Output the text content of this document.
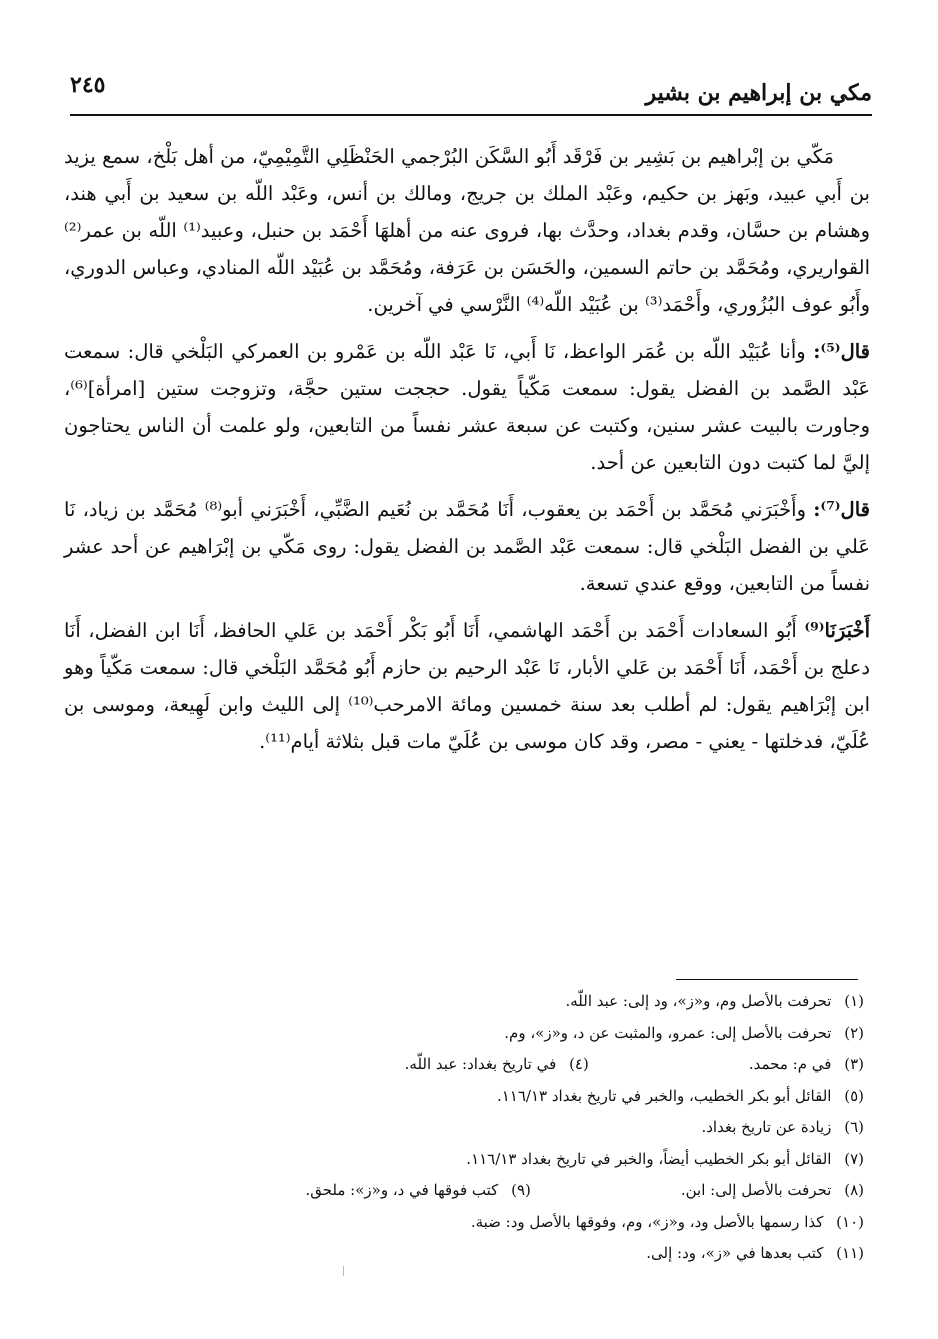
مكي بن إبراهيم بن بشير
٢٤٥

مَكّي بن إبْراهيم بن بَشِير بن فَرْقَد أَبُو السَّكَن البُرْجمي الحَنْظَلِي التَّمِيْمِيّ، من أهل بَلْخ، سمع يزيد بن أَبي عبيد، وبَهز بن حكيم، وعَبْد الملك بن جريج، ومالك بن أنس، وعَبْد اللّه بن سعيد بن أَبي هند، وهشام بن حسَّان، وقدم بغداد، وحدَّث بها، فروى عنه من أهلهَا أَحْمَد بن حنبل، وعبيد⁽¹⁾ اللّه بن عمر⁽²⁾ القواريري، ومُحَمَّد بن حاتم السمين، والحَسَن بن عَرَفة، ومُحَمَّد بن عُبَيْد اللّه المنادي، وعباس الدوري، وأَبُو عوف البُزُوري، وأَحْمَد⁽³⁾ بن عُبَيْد اللّه⁽⁴⁾ النَّرْسي في آخرين.

قال⁽⁵⁾: وأنا عُبَيْد اللّه بن عُمَر الواعظ، نَا أَبي، نَا عَبْد اللّه بن عَمْرو بن العمركي البَلْخي قال: سمعت عَبْد الصَّمد بن الفضل يقول: سمعت مَكّياً يقول. حججت ستين حجَّة، وتزوجت ستين [امرأة]⁽⁶⁾، وجاورت بالبيت عشر سنين، وكتبت عن سبعة عشر نفساً من التابعين، ولو علمت أن الناس يحتاجون إليَّ لما كتبت دون التابعين عن أحد.

قال⁽⁷⁾: وأَخْبَرَني مُحَمَّد بن أَحْمَد بن يعقوب، أَنَا مُحَمَّد بن نُعَيم الضَّبِّي، أَخْبَرَني أبو⁽⁸⁾ مُحَمَّد بن زياد، نَا عَلي بن الفضل البَلْخي قال: سمعت عَبْد الصَّمد بن الفضل يقول: روى مَكّي بن إبْرَاهيم عن أحد عشر نفساً من التابعين، ووقع عندي تسعة.

أَخْبَرَنَا⁽⁹⁾ أَبُو السعادات أَحْمَد بن أَحْمَد الهاشمي، أَنَا أَبُو بَكْر أَحْمَد بن عَلي الحافظ، أَنَا ابن الفضل، أَنَا دعلج بن أَحْمَد، أَنَا أَحْمَد بن عَلي الأبار، نَا عَبْد الرحيم بن حازم أَبُو مُحَمَّد البَلْخي قال: سمعت مَكّياً وهو ابن إبْرَاهيم يقول: لم أطلب بعد سنة خمسين ومائة الامرحب⁽¹⁰⁾ إلى الليث وابن لَهِيعة، وموسى بن عُلَيّ، فدخلتها - يعني - مصر، وقد كان موسى بن عُلَيّ مات قبل بثلاثة أيام⁽¹¹⁾.

(١) تحرفت بالأصل وم، و«ز»، ود إلى: عبد اللّه.
(٢) تحرفت بالأصل إلى: عمرو، والمثبت عن د، و«ز»، وم.
(٣) في م: محمد.
(٤) في تاريخ بغداد: عبد اللّه.
(٥) القائل أبو بكر الخطيب، والخبر في تاريخ بغداد ١١٦/١٣.
(٦) زيادة عن تاريخ بغداد.
(٧) القائل أبو بكر الخطيب أيضاً، والخبر في تاريخ بغداد ١١٦/١٣.
(٨) تحرفت بالأصل إلى: ابن.
(٩) كتب فوقها في د، و«ز»: ملحق.
(١٠) كذا رسمها بالأصل ود، و«ز»، وم، وفوقها بالأصل ود: ضبة.
(١١) كتب بعدها في «ز»، ود: إلى.
